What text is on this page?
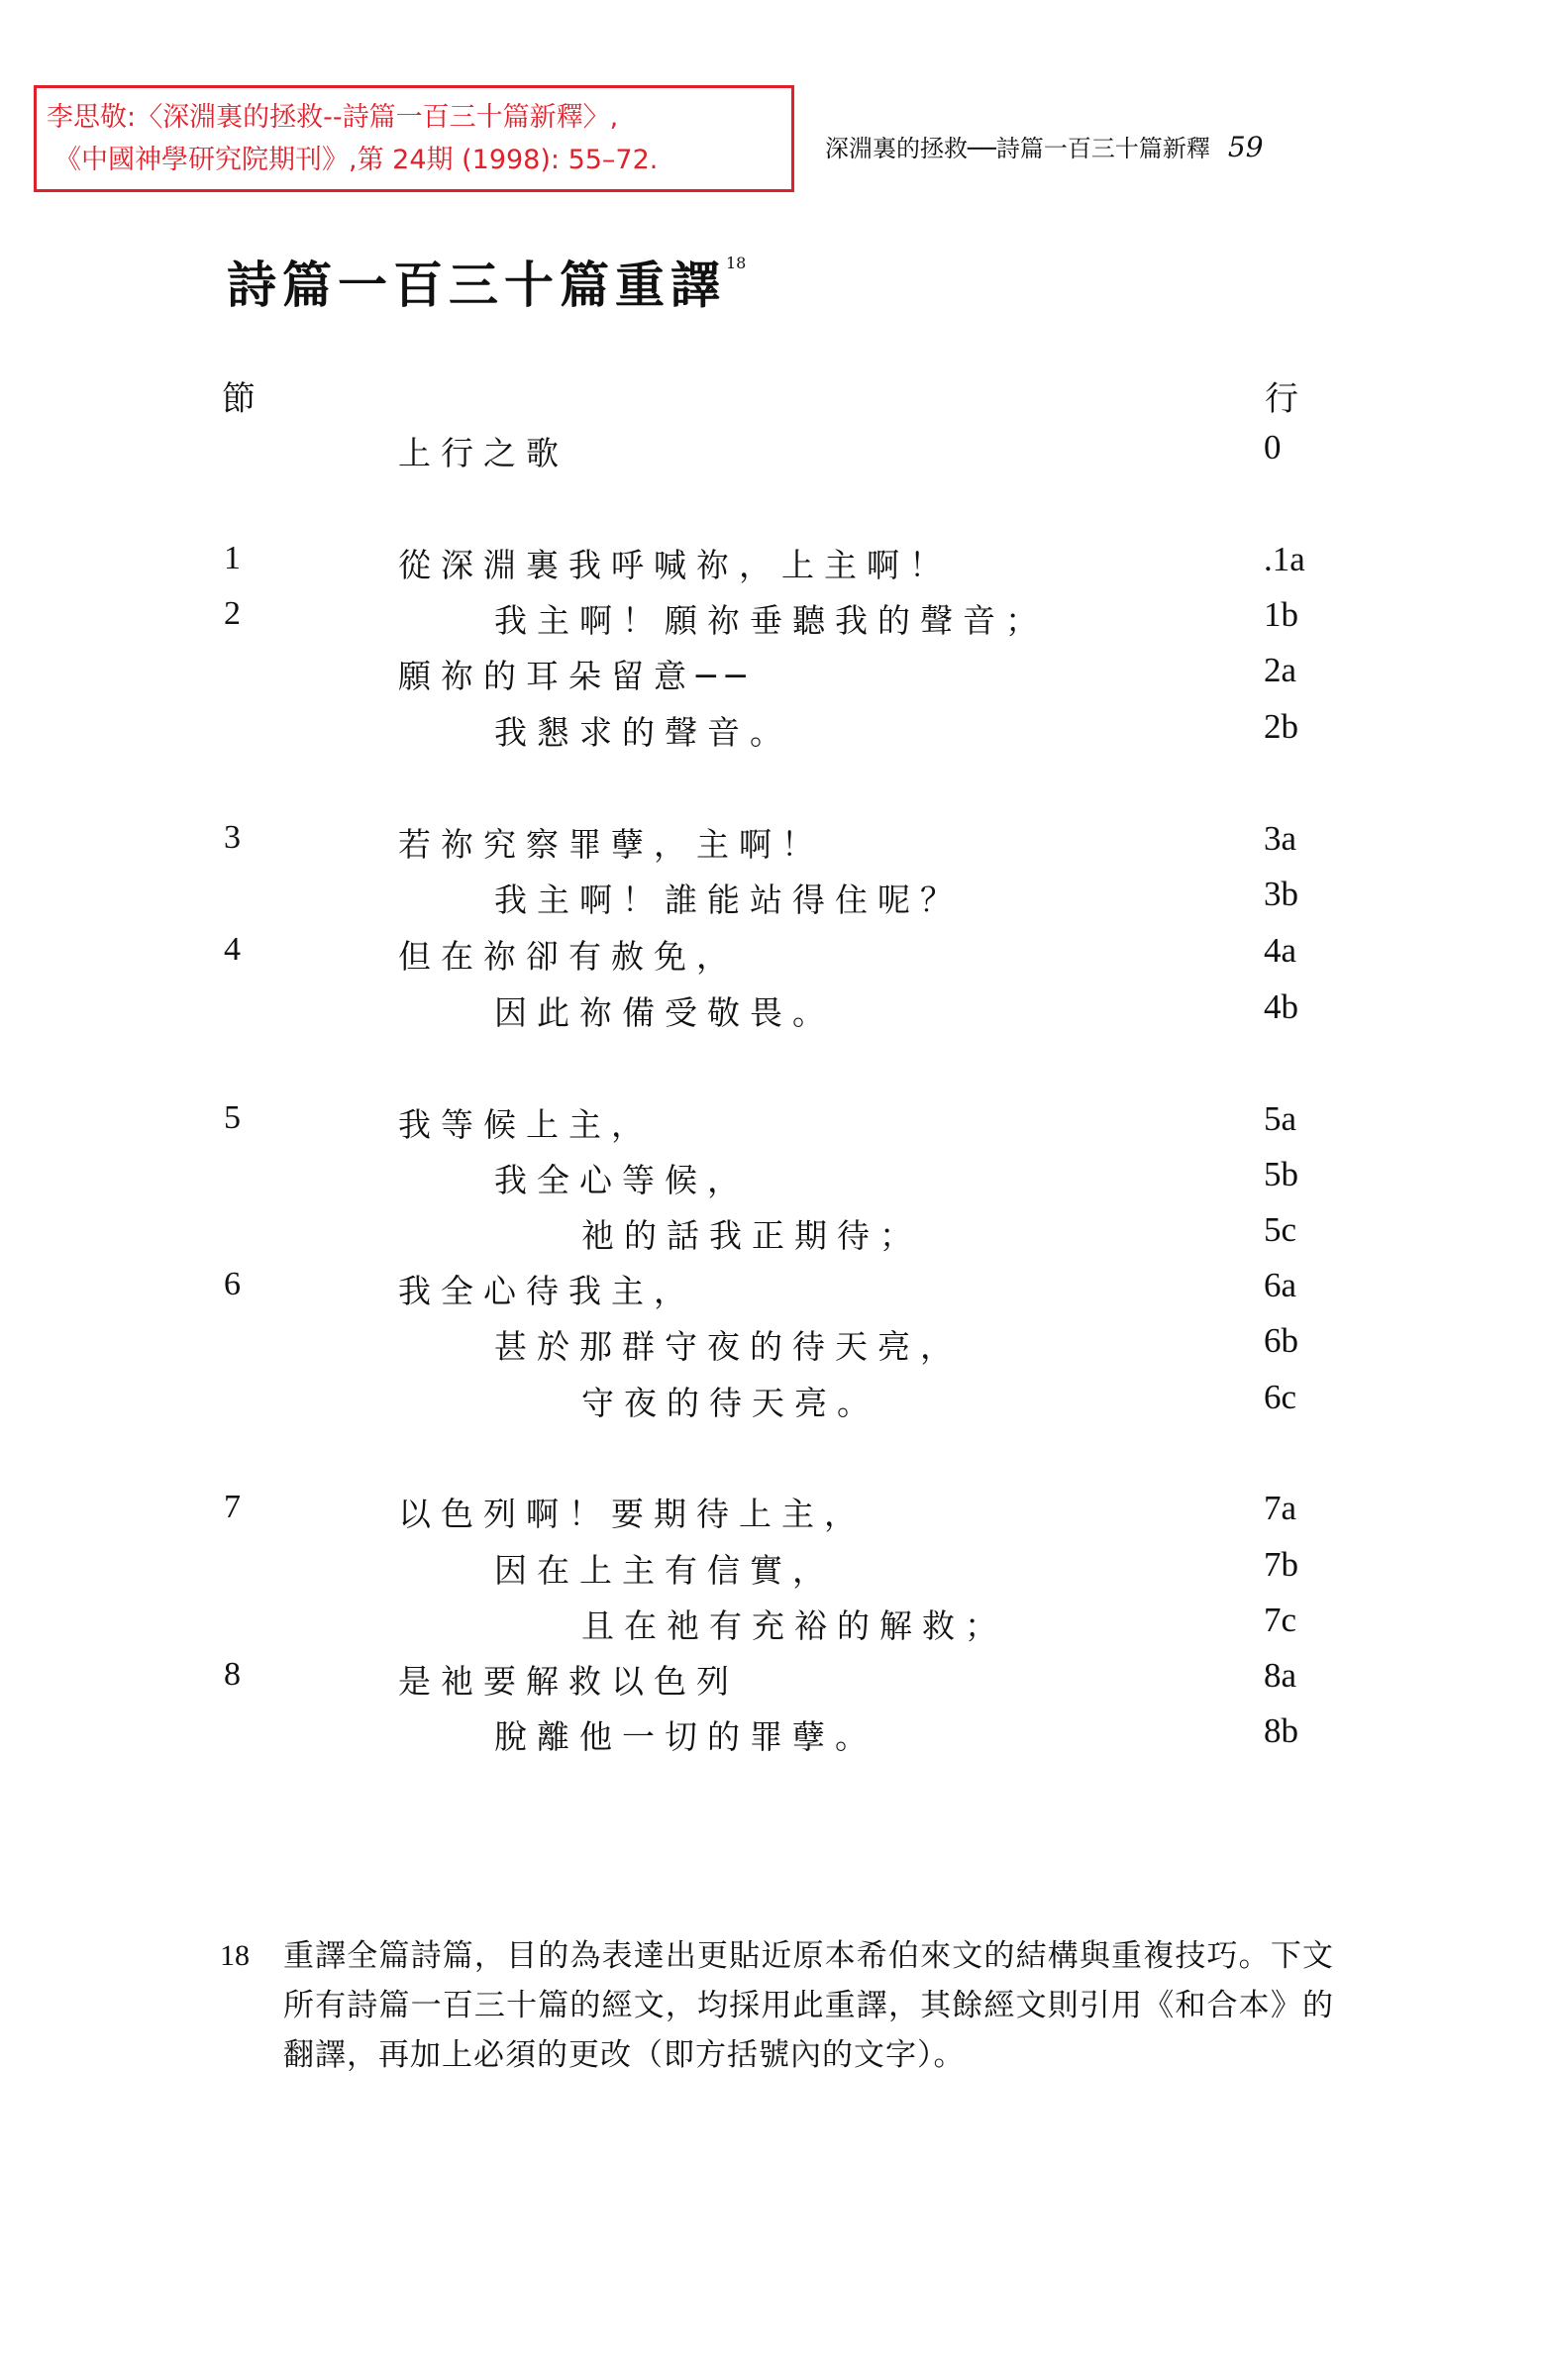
李思敬:〈深淵裏的拯救--詩篇一百三十篇新釋〉,
《中國神學研究院期刊》,第 24期 (1998): 55–72.	深淵裏的拯救──詩篇一百三十篇新釋 59
詩篇一百三十篇重譯$^{18}$
節	行
上行之歌	0
1	從深淵裏我呼喊祢，上主啊！	.1a
2	我主啊！願祢垂聽我的聲音；	1b
願祢的耳朵留意──	2a
我懇求的聲音。	2b
3	若祢究察罪孽，主啊！	3a
我主啊！誰能站得住呢？	3b
4	但在祢卻有赦免，	4a
因此祢備受敬畏。	4b
5	我等候上主，	5a
我全心等候，	5b
祂的話我正期待；	5c
6	我全心待我主，	6a
甚於那群守夜的待天亮，	6b
守夜的待天亮。	6c
7	以色列啊！要期待上主，	7a
因在上主有信實，	7b
且在祂有充裕的解救；	7c
8	是祂要解救以色列	8a
脫離他一切的罪孽。	8b
18 重譯全篇詩篇，目的為表達出更貼近原本希伯來文的結構與重複技巧。下文所有詩篇一百三十篇的經文，均採用此重譯，其餘經文則引用《和合本》的翻譯，再加上必須的更改（即方括號內的文字）。
